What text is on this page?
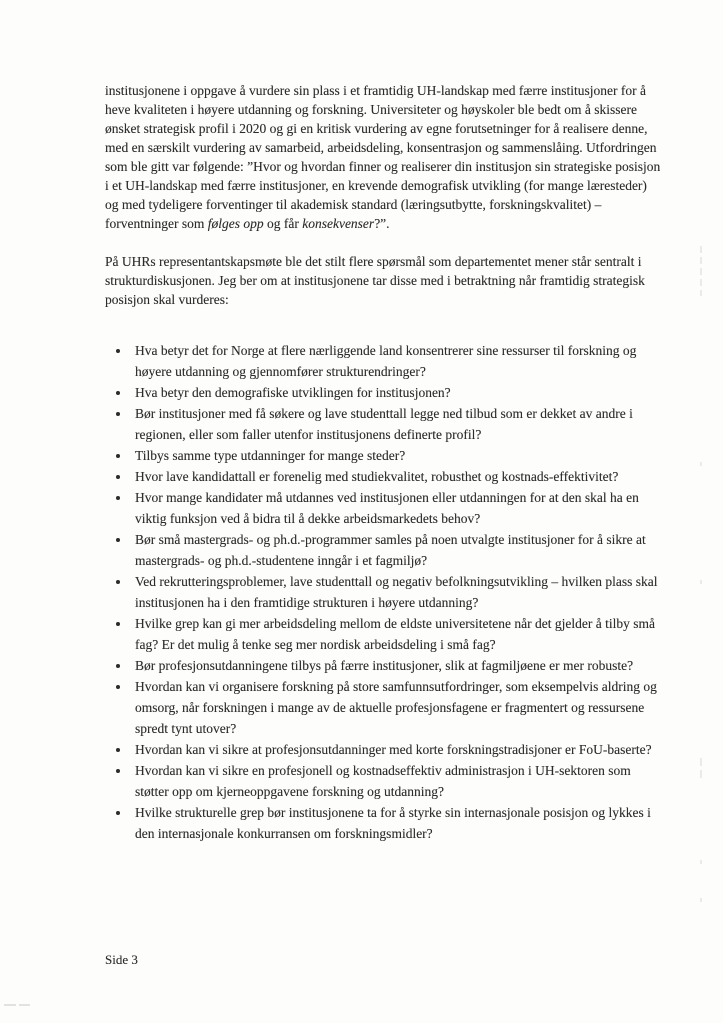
institusjonene i oppgave å vurdere sin plass i et framtidig UH-landskap med færre institusjoner for å heve kvaliteten i høyere utdanning og forskning. Universiteter og høyskoler ble bedt om å skissere ønsket strategisk profil i 2020 og gi en kritisk vurdering av egne forutsetninger for å realisere denne, med en særskilt vurdering av samarbeid, arbeidsdeling, konsentrasjon og sammenslåing. Utfordringen som ble gitt var følgende: ”Hvor og hvordan finner og realiserer din institusjon sin strategiske posisjon i et UH-landskap med færre institusjoner, en krevende demografisk utvikling (for mange læresteder) og med tydeligere forventinger til akademisk standard (læringsutbytte, forskningskvalitet) – forventninger som følges opp og får konsekvenser?”.

På UHRs representantskapsmøte ble det stilt flere spørsmål som departementet mener står sentralt i strukturdiskusjonen. Jeg ber om at institusjonene tar disse med i betraktning når framtidig strategisk posisjon skal vurderes:

Hva betyr det for Norge at flere nærliggende land konsentrerer sine ressurser til forskning og høyere utdanning og gjennomfører strukturendringer?
Hva betyr den demografiske utviklingen for institusjonen?
Bør institusjoner med få søkere og lave studenttall legge ned tilbud som er dekket av andre i regionen, eller som faller utenfor institusjonens definerte profil?
Tilbys samme type utdanninger for mange steder?
Hvor lave kandidattall er forenelig med studiekvalitet, robusthet og kostnads-effektivitet?
Hvor mange kandidater må utdannes ved institusjonen eller utdanningen for at den skal ha en viktig funksjon ved å bidra til å dekke arbeidsmarkedets behov?
Bør små mastergrads- og ph.d.-programmer samles på noen utvalgte institusjoner for å sikre at mastergrads- og ph.d.-studentene inngår i et fagmiljø?
Ved rekrutteringsproblemer, lave studenttall og negativ befolkningsutvikling – hvilken plass skal institusjonen ha i den framtidige strukturen i høyere utdanning?
Hvilke grep kan gi mer arbeidsdeling mellom de eldste universitetene når det gjelder å tilby små fag? Er det mulig å tenke seg mer nordisk arbeidsdeling i små fag?
Bør profesjonsutdanningene tilbys på færre institusjoner, slik at fagmiljøene er mer robuste?
Hvordan kan vi organisere forskning på store samfunnsutfordringer, som eksempelvis aldring og omsorg, når forskningen i mange av de aktuelle profesjonsfagene er fragmentert og ressursene spredt tynt utover?
Hvordan kan vi sikre at profesjonsutdanninger med korte forskningstradisjoner er FoU-baserte?
Hvordan kan vi sikre en profesjonell og kostnadseffektiv administrasjon i UH-sektoren som støtter opp om kjerneoppgavene forskning og utdanning?
Hvilke strukturelle grep bør institusjonene ta for å styrke sin internasjonale posisjon og lykkes i den internasjonale konkurransen om forskningsmidler?
Side 3
